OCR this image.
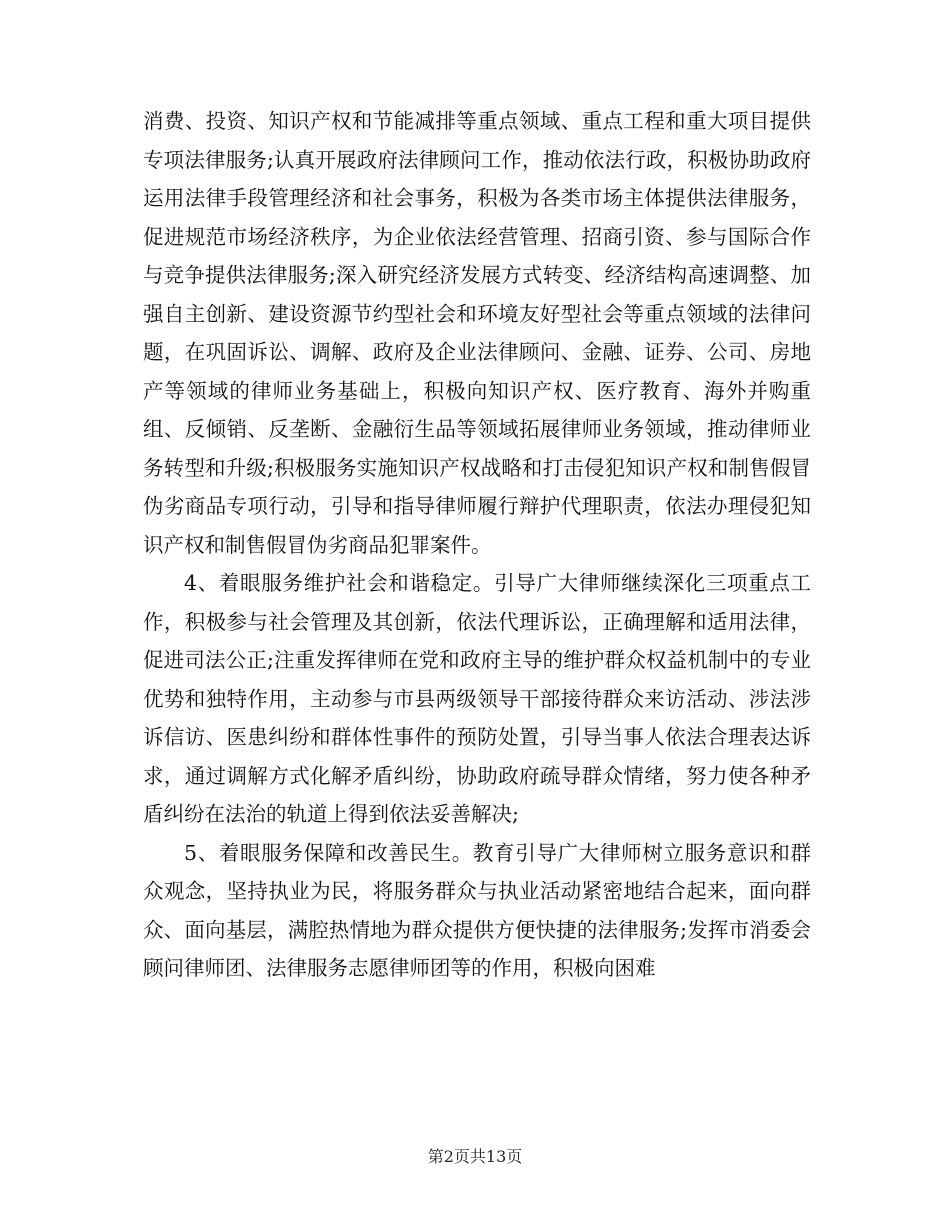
消费、投资、知识产权和节能减排等重点领域、重点工程和重大项目提供专项法律服务;认真开展政府法律顾问工作，推动依法行政，积极协助政府运用法律手段管理经济和社会事务，积极为各类市场主体提供法律服务，促进规范市场经济秩序，为企业依法经营管理、招商引资、参与国际合作与竞争提供法律服务;深入研究经济发展方式转变、经济结构高速调整、加强自主创新、建设资源节约型社会和环境友好型社会等重点领域的法律问题，在巩固诉讼、调解、政府及企业法律顾问、金融、证券、公司、房地产等领域的律师业务基础上，积极向知识产权、医疗教育、海外并购重组、反倾销、反垄断、金融衍生品等领域拓展律师业务领域，推动律师业务转型和升级;积极服务实施知识产权战略和打击侵犯知识产权和制售假冒伪劣商品专项行动，引导和指导律师履行辩护代理职责，依法办理侵犯知识产权和制售假冒伪劣商品犯罪案件。

4、着眼服务维护社会和谐稳定。引导广大律师继续深化三项重点工作，积极参与社会管理及其创新，依法代理诉讼，正确理解和适用法律，促进司法公正;注重发挥律师在党和政府主导的维护群众权益机制中的专业优势和独特作用，主动参与市县两级领导干部接待群众来访活动、涉法涉诉信访、医患纠纷和群体性事件的预防处置，引导当事人依法合理表达诉求，通过调解方式化解矛盾纠纷，协助政府疏导群众情绪，努力使各种矛盾纠纷在法治的轨道上得到依法妥善解决;

5、着眼服务保障和改善民生。教育引导广大律师树立服务意识和群众观念，坚持执业为民，将服务群众与执业活动紧密地结合起来，面向群众、面向基层，满腔热情地为群众提供方便快捷的法律服务;发挥市消委会顾问律师团、法律服务志愿律师团等的作用，积极向困难

第2页共13页
